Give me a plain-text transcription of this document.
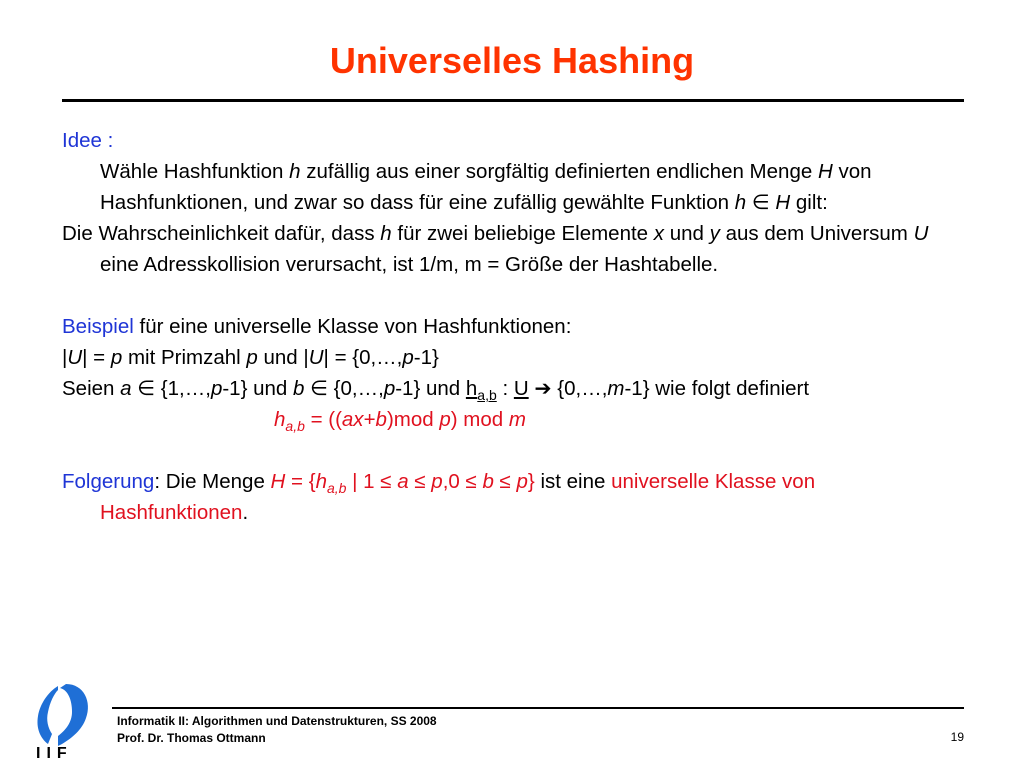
Universelles Hashing

Idee :

Wähle Hashfunktion h zufällig aus einer sorgfältig definierten endlichen Menge H von Hashfunktionen, und zwar so dass für eine zufällig gewählte Funktion h ∈ H gilt:

Die Wahrscheinlichkeit dafür, dass h für zwei beliebige Elemente x und y aus dem Universum U eine Adresskollision verursacht, ist 1/m, m = Größe der Hashtabelle.

Beispiel für eine universelle Klasse von Hashfunktionen:

|U| = p mit Primzahl p und |U| = {0,…,p-1}

Seien a ∈ {1,…,p-1} und b ∈ {0,…,p-1} und $h_{a,b}$ : U ➔ {0,…,m-1} wie folgt definiert

$h_{a,b} = ((ax+b)mod$ p) mod m

Folgerung: Die Menge $H = \{h_{a,b}$ | 1 ≤ a ≤ p,0 ≤ b ≤ p} ist eine universelle Klasse von Hashfunktionen.

IIF
Informatik II: Algorithmen und Datenstrukturen, SS 2008
Prof. Dr. Thomas Ottmann	19
